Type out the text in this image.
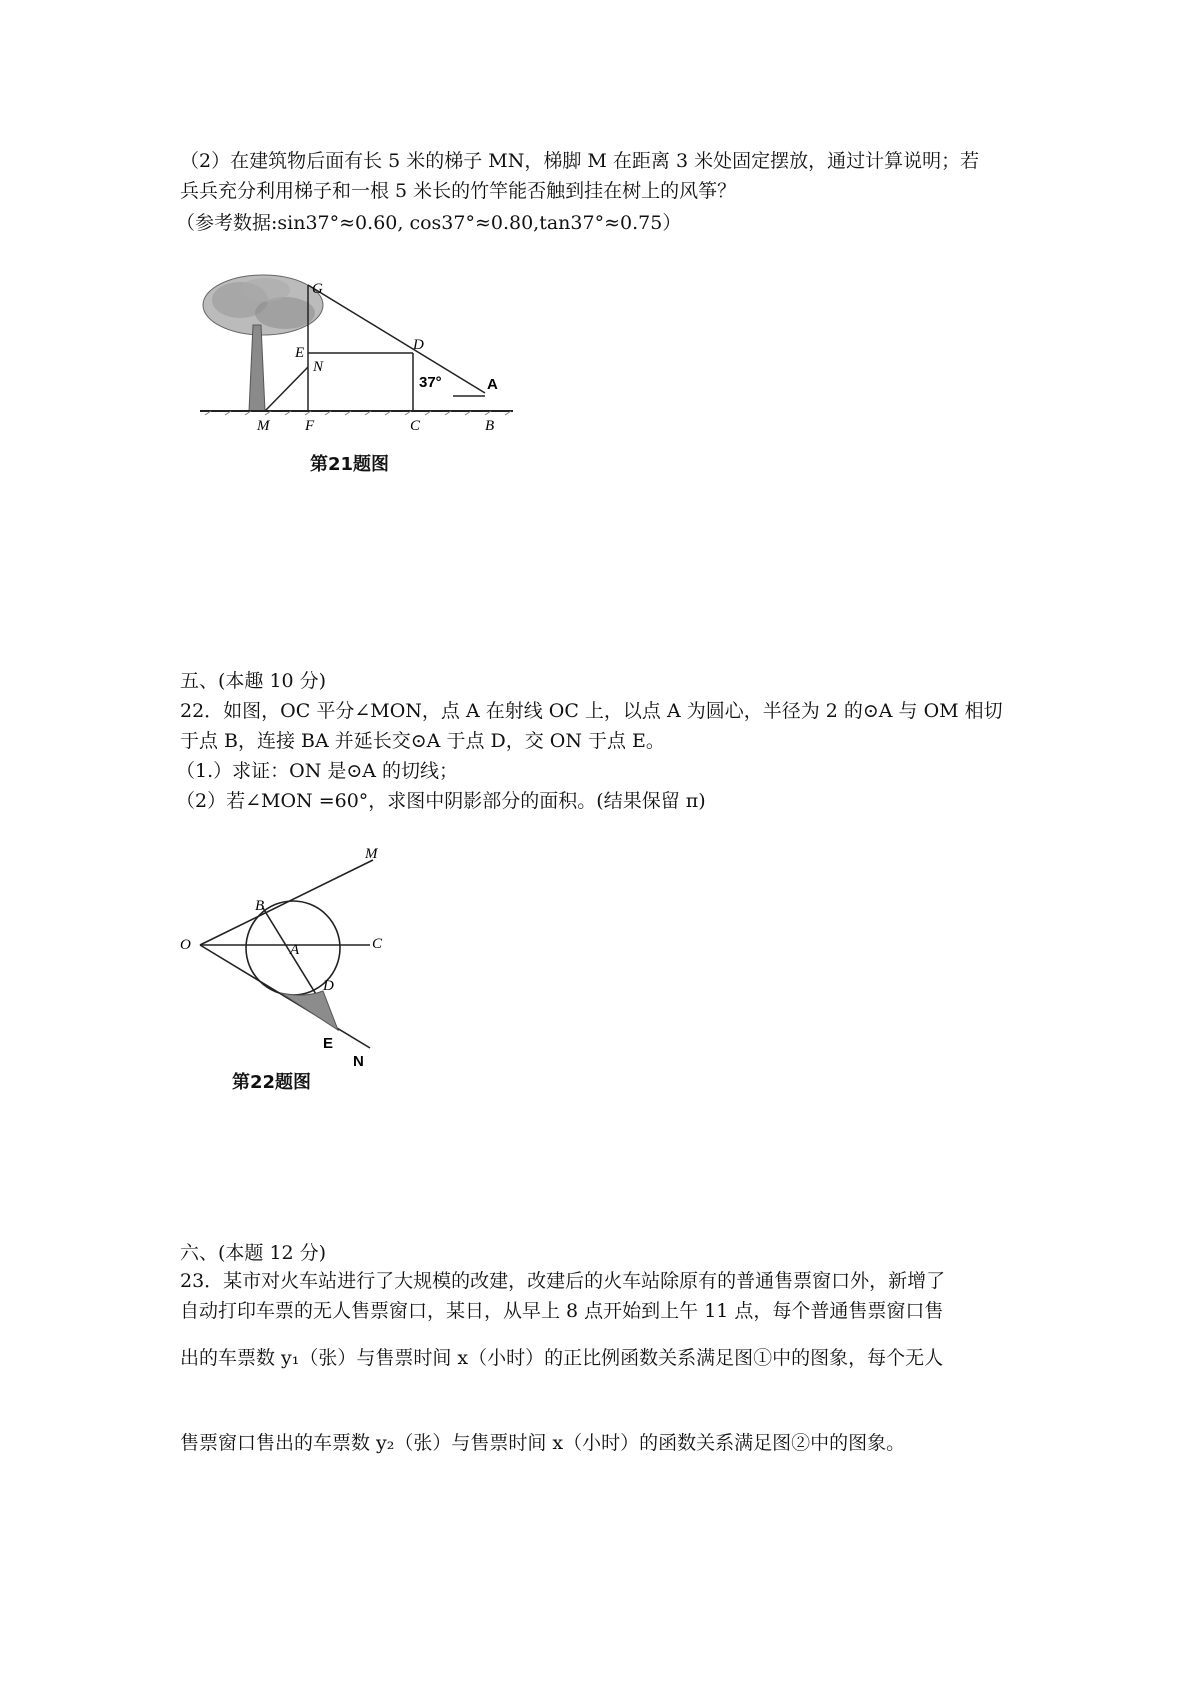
（2）在建筑物后面有长 5 米的梯子 MN，梯脚 M 在距离 3 米处固定摆放，通过计算说明；若
兵兵充分利用梯子和一根 5 米长的竹竿能否触到挂在树上的风筝？
（参考数据:sin37°≈0.60, cos37°≈0.80,tan37°≈0.75）
G
E
N
D
A
37°
M F	C	B
第21题图
五、(本趣 10 分)
22．如图，OC 平分∠MON，点 A 在射线 OC 上，以点 A 为圆心，半径为 2 的⊙A 与 OM 相切
于点 B，连接 BA 并延长交⊙A 于点 D，交 ON 于点 E。
（1.）求证：ON 是⊙A 的切线；
（2）若∠MON =60°，求图中阴影部分的面积。(结果保留 π)
M
B
O	A	C
D
E
N
第22题图
六、(本题 12 分)
23．某市对火车站进行了大规模的改建，改建后的火车站除原有的普通售票窗口外，新增了
自动打印车票的无人售票窗口，某日，从早上 8 点开始到上午 11 点，每个普通售票窗口售
出的车票数 y₁（张）与售票时间 x（小时）的正比例函数关系满足图①中的图象，每个无人
售票窗口售出的车票数 y₂（张）与售票时间 x（小时）的函数关系满足图②中的图象。
